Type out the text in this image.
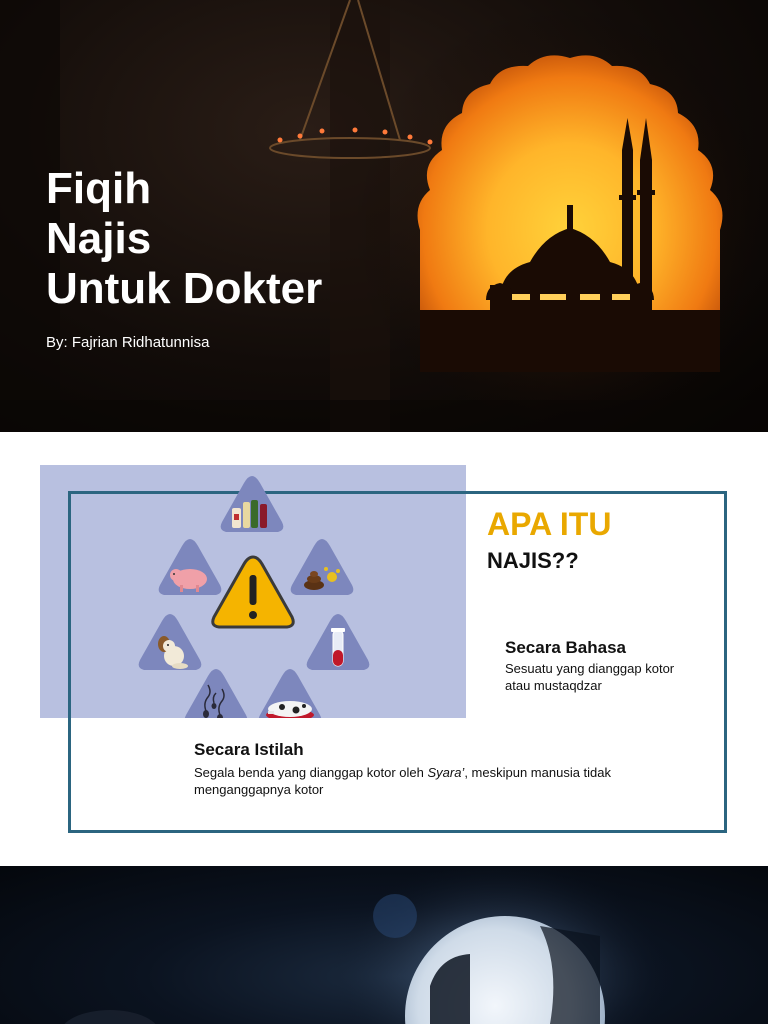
Fiqih
Najis
Untuk Dokter

By: Fajrian Ridhatunnisa

APA ITU
NAJIS??
Secara Bahasa

Sesuatu yang dianggap kotor atau mustaqdzar

Secara Istilah

Segala benda yang dianggap kotor oleh Syara’, meskipun manusia tidak menganggapnya kotor
